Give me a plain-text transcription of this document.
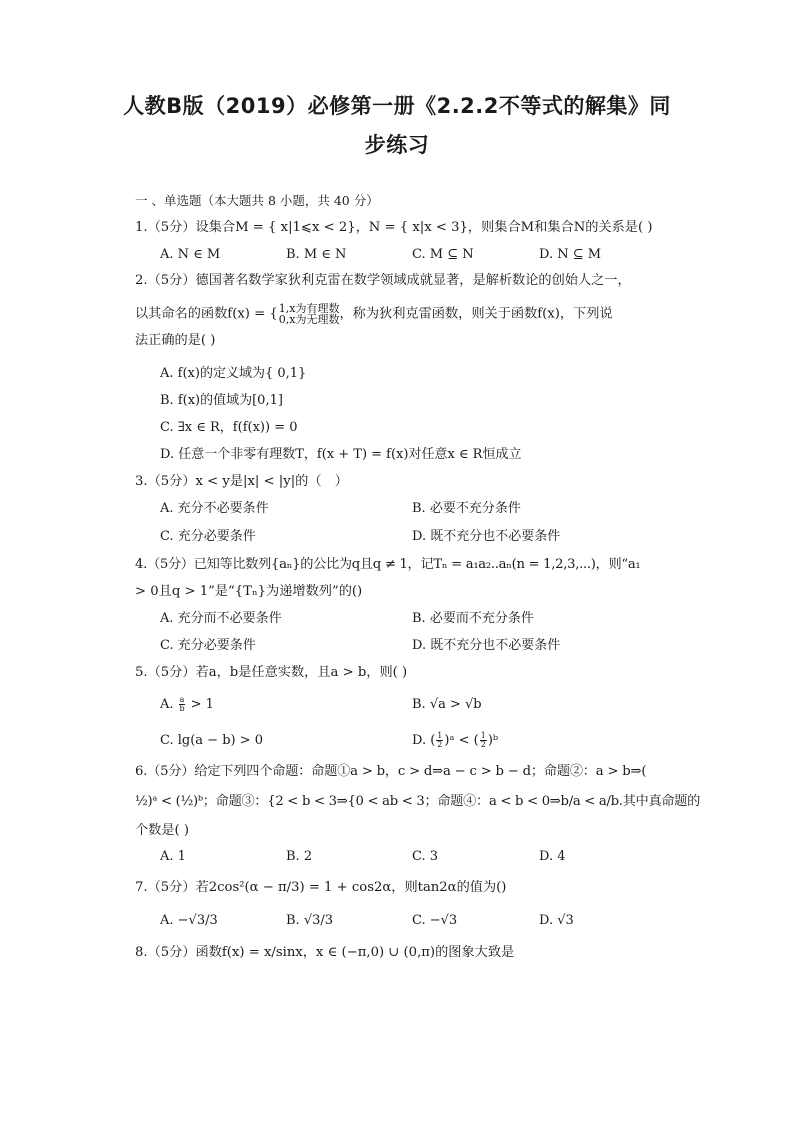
人教B版（2019）必修第一册《2.2.2不等式的解集》同
步练习
一 、单选题（本大题共 8 小题，共 40 分）
1.（5分）设集合M = { x|1⩽x < 2}，N = { x|x < 3}，则集合M和集合N的关系是( )
A. N ∈ M	B. M ∈ N	C. M ⊆ N	D. N ⊆ M
2.（5分）德国著名数学家狄利克雷在数学领域成就显著，是解析数论的创始人之一，
以其命名的函数f(x) = { 1,x为有理数
0,x为无理数 ，称为狄利克雷函数，则关于函数f(x)，下列说
法正确的是( )
A. f(x)的定义域为{ 0,1}
B. f(x)的值域为[0,1]
C. ∃x ∈ R，f(f(x)) = 0
D. 任意一个非零有理数T，f(x + T) = f(x)对任意x ∈ R恒成立
3.（5分）x < y是|x| < |y|的（　）
A. 充分不必要条件	B. 必要不充分条件
C. 充分必要条件	D. 既不充分也不必要条件
4.（5分）已知等比数列{aₙ}的公比为q且q ≠ 1，记Tₙ = a₁a₂..aₙ(n = 1,2,3,...)，则“a₁
> 0且q > 1”是“{Tₙ}为递增数列”的()
A. 充分而不必要条件	B. 必要而不充分条件
C. 充分必要条件	D. 既不充分也不必要条件
5.（5分）若a，b是任意实数，且a > b，则( )
A. $\frac{a}{b} > 1$	B. √a > √b
C. lg(a − b) > 0	D. ( $\frac{1}{2}$ )ᵃ < ( $\frac{1}{2}$ )ᵇ
6.（5分）给定下列四个命题：命题①a > b，c > d⇒a − c > b − d；命题②：a > b⇒(
½)ᵃ < (½)ᵇ；命题③：{2 < b < 3⇒{0 < ab < 3；命题④：a < b < 0⇒b/a < a/b.其中真命题的
个数是( )
A. 1	B. 2	C. 3	D. 4
7.（5分）若2cos²(α − π/3) = 1 + cos2α，则tan2α的值为()
A. −√3/3	B. √3/3	C. −√3	D. √3
8.（5分）函数f(x) = x/sinx，x ∈ (−π,0) ∪ (0,π)的图象大致是
